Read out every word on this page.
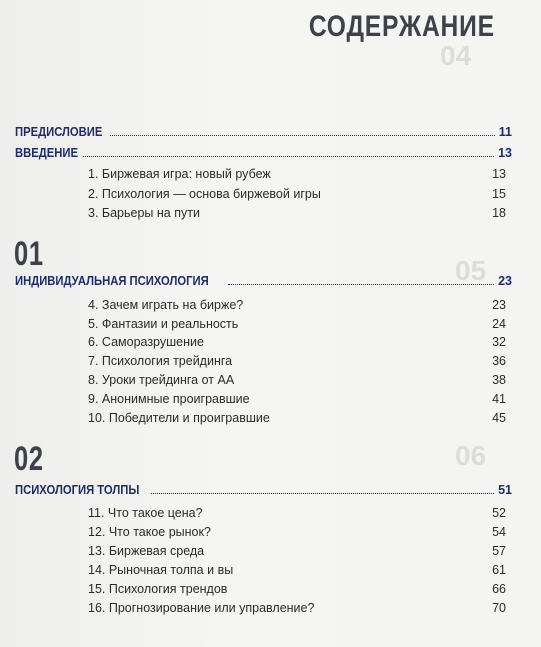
04
05
06
СОДЕРЖАНИЕ
ПРЕДИСЛОВИЕ	11
ВВЕДЕНИЕ	13
1. Биржевая игра: новый рубеж	13
2. Психология — основа биржевой игры	15
3. Барьеры на пути	18
01
ИНДИВИДУАЛЬНАЯ ПСИХОЛОГИЯ	23
4. Зачем играть на бирже?	23
5. Фантазии и реальность	24
6. Саморазрушение	32
7. Психология трейдинга	36
8. Уроки трейдинга от АА	38
9. Анонимные проигравшие	41
10. Победители и проигравшие	45
02
ПСИХОЛОГИЯ ТОЛПЫ	51
11. Что такое цена?	52
12. Что такое рынок?	54
13. Биржевая среда	57
14. Рыночная толпа и вы	61
15. Психология трендов	66
16. Прогнозирование или управление?	70
